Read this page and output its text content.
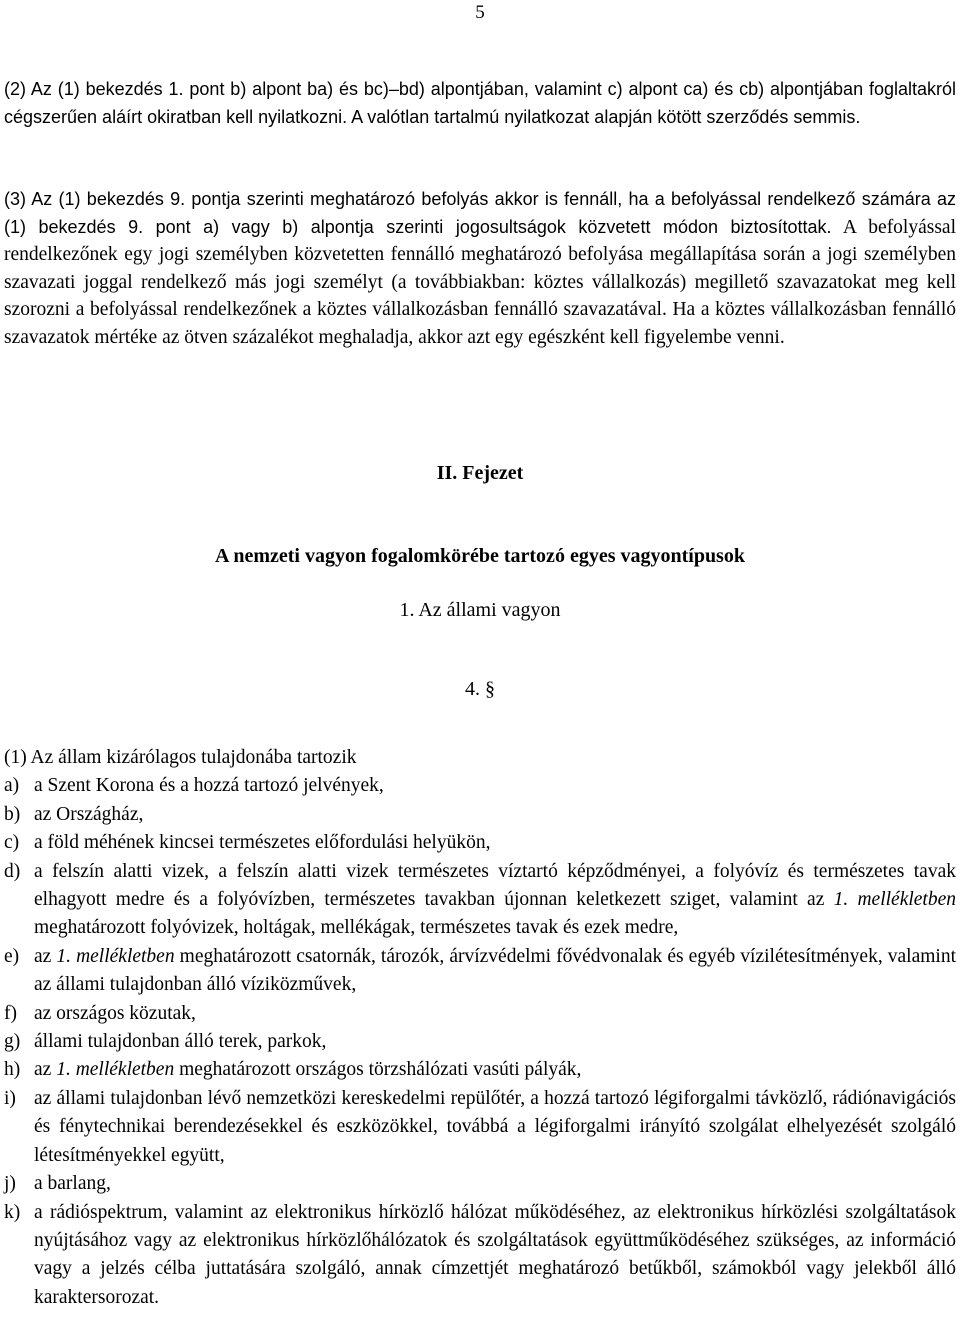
5
(2) Az (1) bekezdés 1. pont b) alpont ba) és bc)–bd) alpontjában, valamint c) alpont ca) és cb) alpontjában foglaltakról cégszerűen aláírt okiratban kell nyilatkozni. A valótlan tartalmú nyilatkozat alapján kötött szerződés semmis.
(3) Az (1) bekezdés 9. pontja szerinti meghatározó befolyás akkor is fennáll, ha a befolyással rendelkező számára az (1) bekezdés 9. pont a) vagy b) alpontja szerinti jogosultságok közvetett módon biztosítottak. A befolyással rendelkezőnek egy jogi személyben közvetetten fennálló meghatározó befolyása megállapítása során a jogi személyben szavazati joggal rendelkező más jogi személyt (a továbbiakban: köztes vállalkozás) megillető szavazatokat meg kell szorozni a befolyással rendelkezőnek a köztes vállalkozásban fennálló szavazatával. Ha a köztes vállalkozásban fennálló szavazatok mértéke az ötven százalékot meghaladja, akkor azt egy egészként kell figyelembe venni.
II. Fejezet
A nemzeti vagyon fogalomkörébe tartozó egyes vagyontípusok
1. Az állami vagyon
4. §
(1) Az állam kizárólagos tulajdonába tartozik
a) a Szent Korona és a hozzá tartozó jelvények,
b) az Országház,
c) a föld méhének kincsei természetes előfordulási helyükön,
d) a felszín alatti vizek, a felszín alatti vizek természetes víztartó képződményei, a folyóvíz és természetes tavak elhagyott medre és a folyóvízben, természetes tavakban újonnan keletkezett sziget, valamint az 1. mellékletben meghatározott folyóvizek, holtágak, mellékágak, természetes tavak és ezek medre,
e) az 1. mellékletben meghatározott csatornák, tározók, árvízvédelmi fővédvonalak és egyéb vízilétesítmények, valamint az állami tulajdonban álló víziközművek,
f) az országos közutak,
g) állami tulajdonban álló terek, parkok,
h) az 1. mellékletben meghatározott országos törzshálózati vasúti pályák,
i) az állami tulajdonban lévő nemzetközi kereskedelmi repülőtér, a hozzá tartozó légiforgalmi távközlő, rádiónavigációs és fénytechnikai berendezésekkel és eszközökkel, továbbá a légiforgalmi irányító szolgálat elhelyezését szolgáló létesítményekkel együtt,
j) a barlang,
k) a rádióspektrum, valamint az elektronikus hírközlő hálózat működéséhez, az elektronikus hírközlési szolgáltatások nyújtásához vagy az elektronikus hírközlőhálózatok és szolgáltatások együttműködéséhez szükséges, az információ vagy a jelzés célba juttatására szolgáló, annak címzettjét meghatározó betűkből, számokból vagy jelekből álló karaktersorozat.
